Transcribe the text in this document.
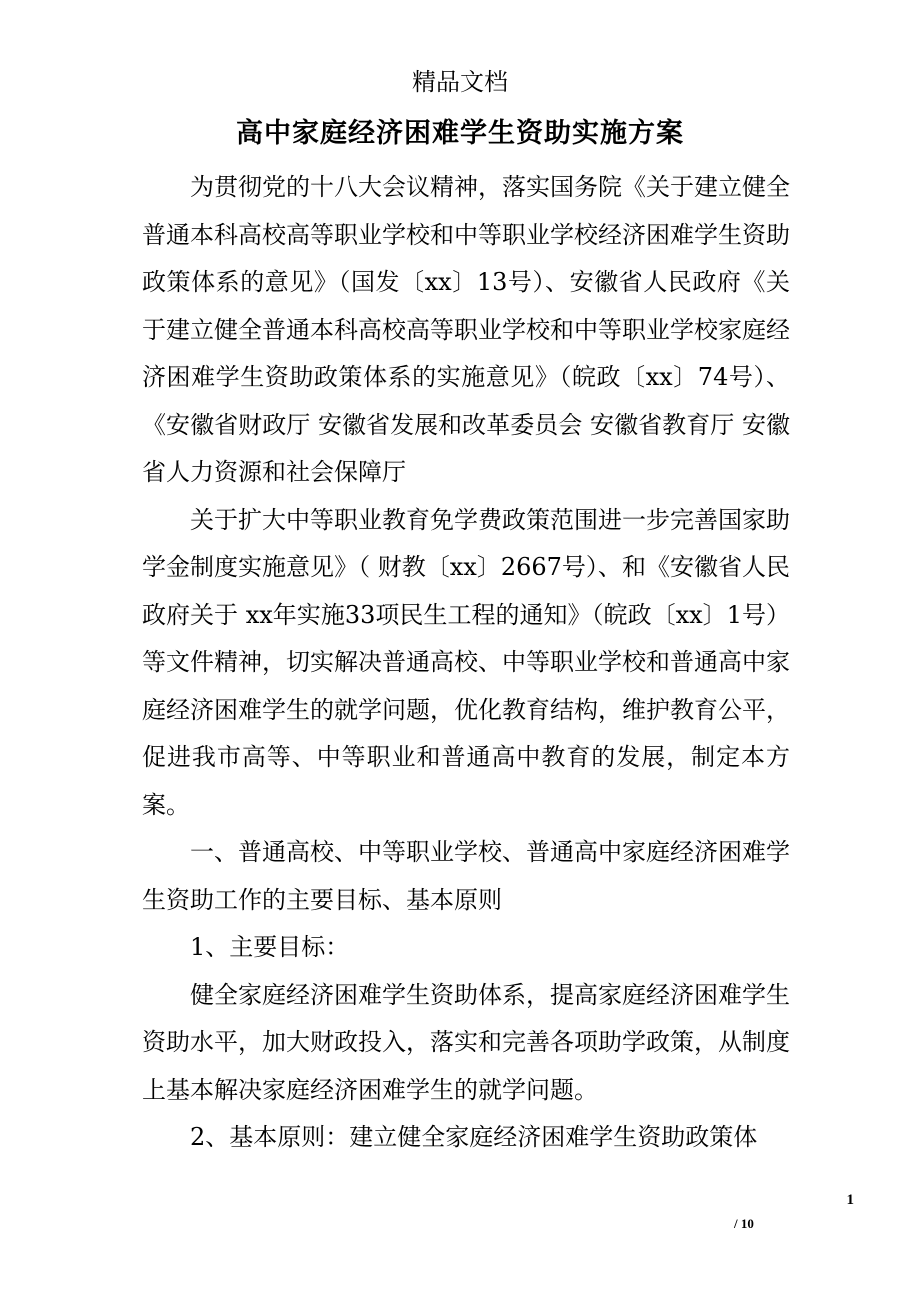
精品文档
高中家庭经济困难学生资助实施方案

为贯彻党的十八大会议精神，落实国务院《关于建立健全普通本科高校高等职业学校和中等职业学校经济困难学生资助政策体系的意见》（国发〔xx〕13号）、安徽省人民政府《关于建立健全普通本科高校高等职业学校和中等职业学校家庭经济困难学生资助政策体系的实施意见》（皖政〔xx〕74号）、《安徽省财政厅 安徽省发展和改革委员会 安徽省教育厅 安徽省人力资源和社会保障厅

关于扩大中等职业教育免学费政策范围进一步完善国家助学金制度实施意见》（ 财教〔xx〕2667号）、和《安徽省人民政府关于 xx年实施33项民生工程的通知》（皖政〔xx〕1号）等文件精神，切实解决普通高校、中等职业学校和普通高中家庭经济困难学生的就学问题，优化教育结构，维护教育公平，促进我市高等、中等职业和普通高中教育的发展，制定本方案。

一、普通高校、中等职业学校、普通高中家庭经济困难学生资助工作的主要目标、基本原则

1、主要目标：

健全家庭经济困难学生资助体系，提高家庭经济困难学生资助水平，加大财政投入，落实和完善各项助学政策，从制度上基本解决家庭经济困难学生的就学问题。

2、基本原则：建立健全家庭经济困难学生资助政策体

1
/ 10
